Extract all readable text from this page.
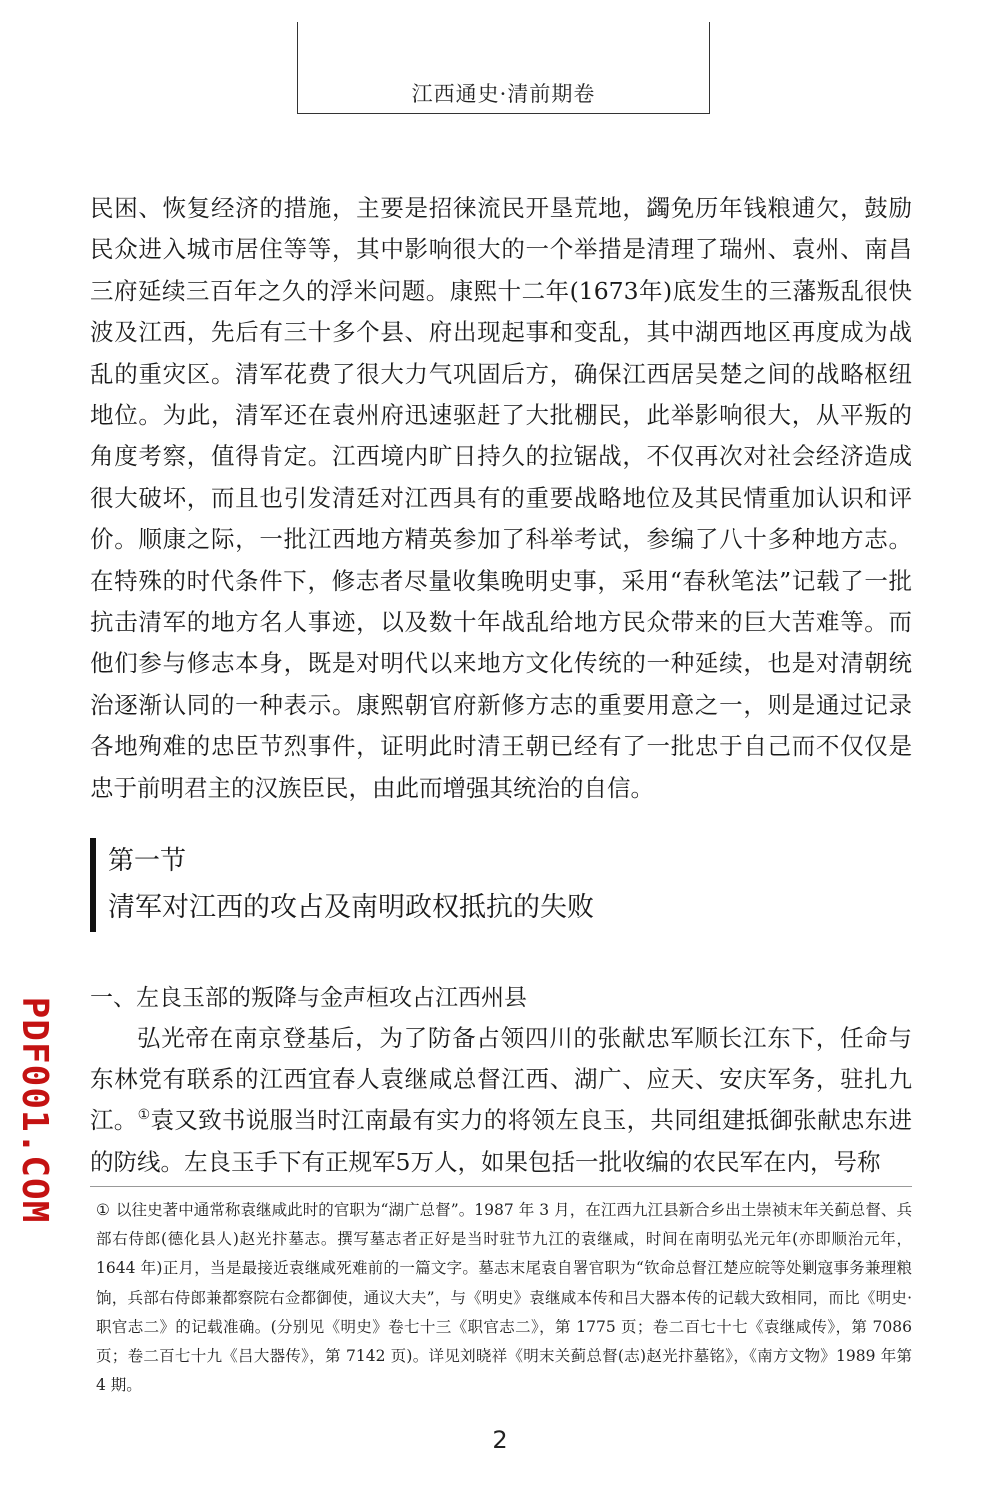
江西通史·清前期卷

民困、恢复经济的措施，主要是招徕流民开垦荒地，蠲免历年钱粮逋欠，鼓励民众进入城市居住等等，其中影响很大的一个举措是清理了瑞州、袁州、南昌三府延续三百年之久的浮米问题。康熙十二年(1673年)底发生的三藩叛乱很快波及江西，先后有三十多个县、府出现起事和变乱，其中湖西地区再度成为战乱的重灾区。清军花费了很大力气巩固后方，确保江西居吴楚之间的战略枢纽地位。为此，清军还在袁州府迅速驱赶了大批棚民，此举影响很大，从平叛的角度考察，值得肯定。江西境内旷日持久的拉锯战，不仅再次对社会经济造成很大破坏，而且也引发清廷对江西具有的重要战略地位及其民情重加认识和评价。顺康之际，一批江西地方精英参加了科举考试，参编了八十多种地方志。在特殊的时代条件下，修志者尽量收集晚明史事，采用“春秋笔法”记载了一批抗击清军的地方名人事迹，以及数十年战乱给地方民众带来的巨大苦难等。而他们参与修志本身，既是对明代以来地方文化传统的一种延续，也是对清朝统治逐渐认同的一种表示。康熙朝官府新修方志的重要用意之一，则是通过记录各地殉难的忠臣节烈事件，证明此时清王朝已经有了一批忠于自己而不仅仅是忠于前明君主的汉族臣民，由此而增强其统治的自信。

第一节
清军对江西的攻占及南明政权抵抗的失败
一、左良玉部的叛降与金声桓攻占江西州县

弘光帝在南京登基后，为了防备占领四川的张献忠军顺长江东下，任命与东林党有联系的江西宜春人袁继咸总督江西、湖广、应天、安庆军务，驻扎九江。①袁又致书说服当时江南最有实力的将领左良玉，共同组建抵御张献忠东进的防线。左良玉手下有正规军5万人，如果包括一批收编的农民军在内，号称

① 以往史著中通常称袁继咸此时的官职为“湖广总督”。1987 年 3 月，在江西九江县新合乡出土崇祯末年关蓟总督、兵部右侍郎(德化县人)赵光抃墓志。撰写墓志者正好是当时驻节九江的袁继咸，时间在南明弘光元年(亦即顺治元年，1644 年)正月，当是最接近袁继咸死难前的一篇文字。墓志末尾袁自署官职为“钦命总督江楚应皖等处剿寇事务兼理粮饷，兵部右侍郎兼都察院右佥都御使，通议大夫”，与《明史》袁继咸本传和吕大器本传的记载大致相同，而比《明史·职官志二》的记载准确。(分别见《明史》卷七十三《职官志二》，第 1775 页；卷二百七十七《袁继咸传》，第 7086 页；卷二百七十九《吕大器传》，第 7142 页)。详见刘晓祥《明末关蓟总督(志)赵光抃墓铭》，《南方文物》1989 年第 4 期。

2
PDF001.COM
